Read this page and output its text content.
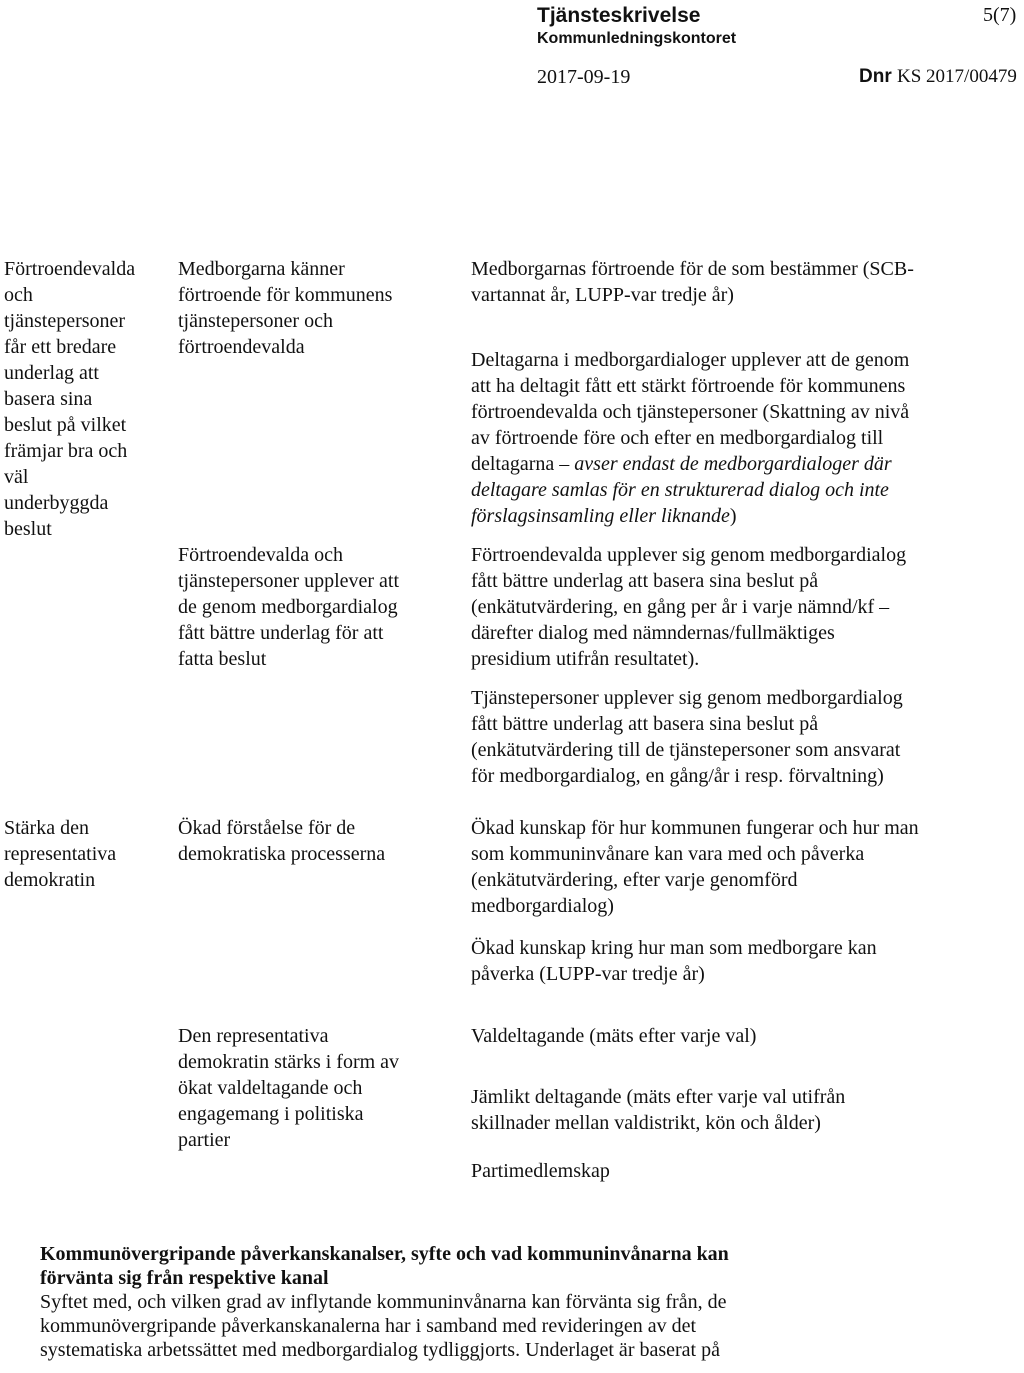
Tjänsteskrivelse
Kommunledningskontoret
5(7)
2017-09-19	Dnr KS 2017/00479
Förtroendevalda
och
tjänstepersoner
får ett bredare
underlag att
basera sina
beslut på vilket
främjar bra och
väl
underbyggda
beslut
Medborgarna känner
förtroende för kommunens
tjänstepersoner och
förtroendevalda
Medborgarnas förtroende för de som bestämmer (SCB-
vartannat år, LUPP-var tredje år)
Deltagarna i medborgardialoger upplever att de genom
att ha deltagit fått ett stärkt förtroende för kommunens
förtroendevalda och tjänstepersoner (Skattning av nivå
av förtroende före och efter en medborgardialog till
deltagarna – avser endast de medborgardialoger där
deltagare samlas för en strukturerad dialog och inte
förslagsinsamling eller liknande)
Förtroendevalda och
tjänstepersoner upplever att
de genom medborgardialog
fått bättre underlag för att
fatta beslut
Förtroendevalda upplever sig genom medborgardialog
fått bättre underlag att basera sina beslut på
(enkätutvärdering, en gång per år i varje nämnd/kf –
därefter dialog med nämndernas/fullmäktiges
presidium utifrån resultatet).
Tjänstepersoner upplever sig genom medborgardialog
fått bättre underlag att basera sina beslut på
(enkätutvärdering till de tjänstepersoner som ansvarat
för medborgardialog, en gång/år i resp. förvaltning)
Stärka den
representativa
demokratin
Ökad förståelse för de
demokratiska processerna
Ökad kunskap för hur kommunen fungerar och hur man
som kommuninvånare kan vara med och påverka
(enkätutvärdering, efter varje genomförd
medborgardialog)
Ökad kunskap kring hur man som medborgare kan
påverka (LUPP-var tredje år)
Den representativa
demokratin stärks i form av
ökat valdeltagande och
engagemang i politiska
partier
Valdeltagande (mäts efter varje val)
Jämlikt deltagande (mäts efter varje val utifrån
skillnader mellan valdistrikt, kön och ålder)
Partimedlemskap
Kommunövergripande påverkanskanalser, syfte och vad kommuninvånarna kan
förvänta sig från respektive kanal
Syftet med, och vilken grad av inflytande kommuninvånarna kan förvänta sig från, de
kommunövergripande påverkanskanalerna har i samband med revideringen av det
systematiska arbetssättet med medborgardialog tydliggjorts. Underlaget är baserat på
